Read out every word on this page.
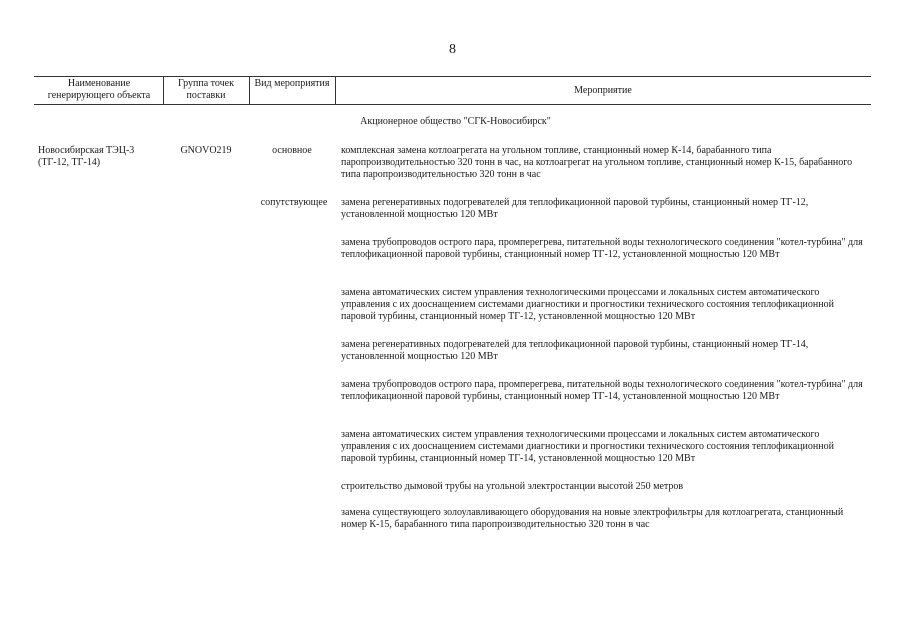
8
Наименование генерирующего объекта
Группа точек поставки
Вид мероприятия
Мероприятие
Акционерное общество "СГК-Новосибирск"
Новосибирская ТЭЦ-3 (ТГ-12, ТГ-14)
GNOVO219	основное
сопутствующее
комплексная замена котлоагрегата на угольном топливе, станционный номер К-14, барабанного типа паропроизводительностью 320 тонн в час, на котлоагрегат на угольном топливе, станционный номер К-15, барабанного типа паропроизводительностью 320 тонн в час
замена регенеративных подогревателей для теплофикационной паровой турбины, станционный номер ТГ-12, установленной мощностью 120 МВт
замена трубопроводов острого пара, промперегрева, питательной воды технологического соединения "котел-турбина" для теплофикационной паровой турбины, станционный номер ТГ-12, установленной мощностью 120 МВт
замена автоматических систем управления технологическими процессами и локальных систем автоматического управления с их дооснащением системами диагностики и прогностики технического состояния теплофикационной паровой турбины, станционный номер ТГ-12, установленной мощностью 120 МВт
замена регенеративных подогревателей для теплофикационной паровой турбины, станционный номер ТГ-14, установленной мощностью 120 МВт
замена трубопроводов острого пара, промперегрева, питательной воды технологического соединения "котел-турбина" для теплофикационной паровой турбины, станционный номер ТГ-14, установленной мощностью 120 МВт
замена автоматических систем управления технологическими процессами и локальных систем автоматического управления с их дооснащением системами диагностики и прогностики технического состояния теплофикационной паровой турбины, станционный номер ТГ-14, установленной мощностью 120 МВт
строительство дымовой трубы на угольной электростанции высотой 250 метров
замена существующего золоулавливающего оборудования на новые электрофильтры для котлоагрегата, станционный номер К-15, барабанного типа паропроизводительностью 320 тонн в час
